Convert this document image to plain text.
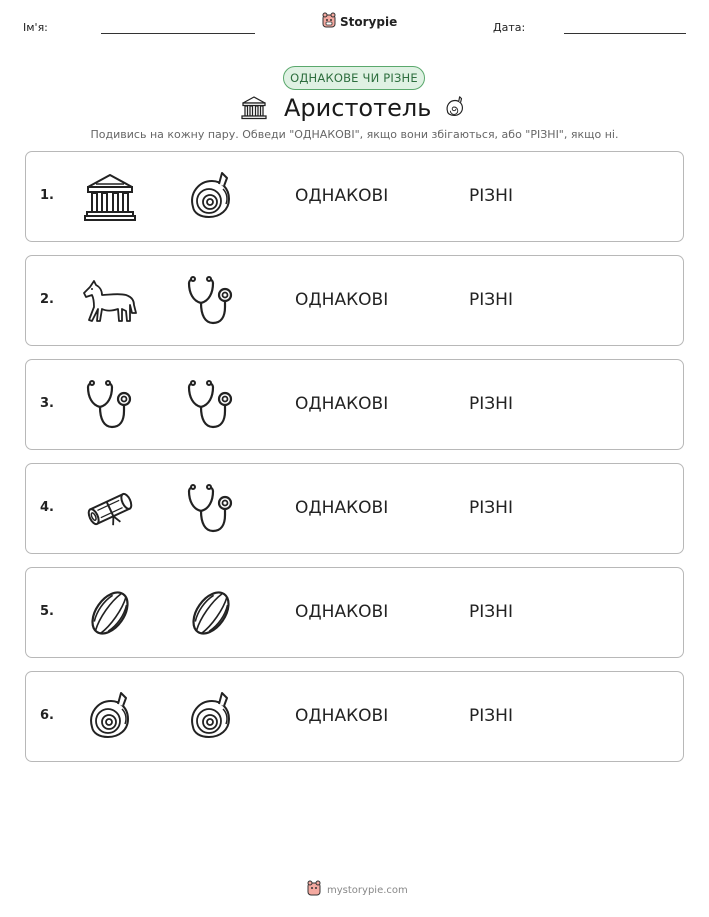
Ім'я:	Storypie	Дата:
ОДНАКОВЕ ЧИ РІЗНЕ
Аристотель
Подивись на кожну пару. Обведи "ОДНАКОВІ", якщо вони збігаються, або "РІЗНІ", якщо ні.
1.	ОДНАКОВІ	РІЗНІ
2.	ОДНАКОВІ	РІЗНІ
3.	ОДНАКОВІ	РІЗНІ
4.	ОДНАКОВІ	РІЗНІ
5.	ОДНАКОВІ	РІЗНІ
6.	ОДНАКОВІ	РІЗНІ
mystorypie.com
